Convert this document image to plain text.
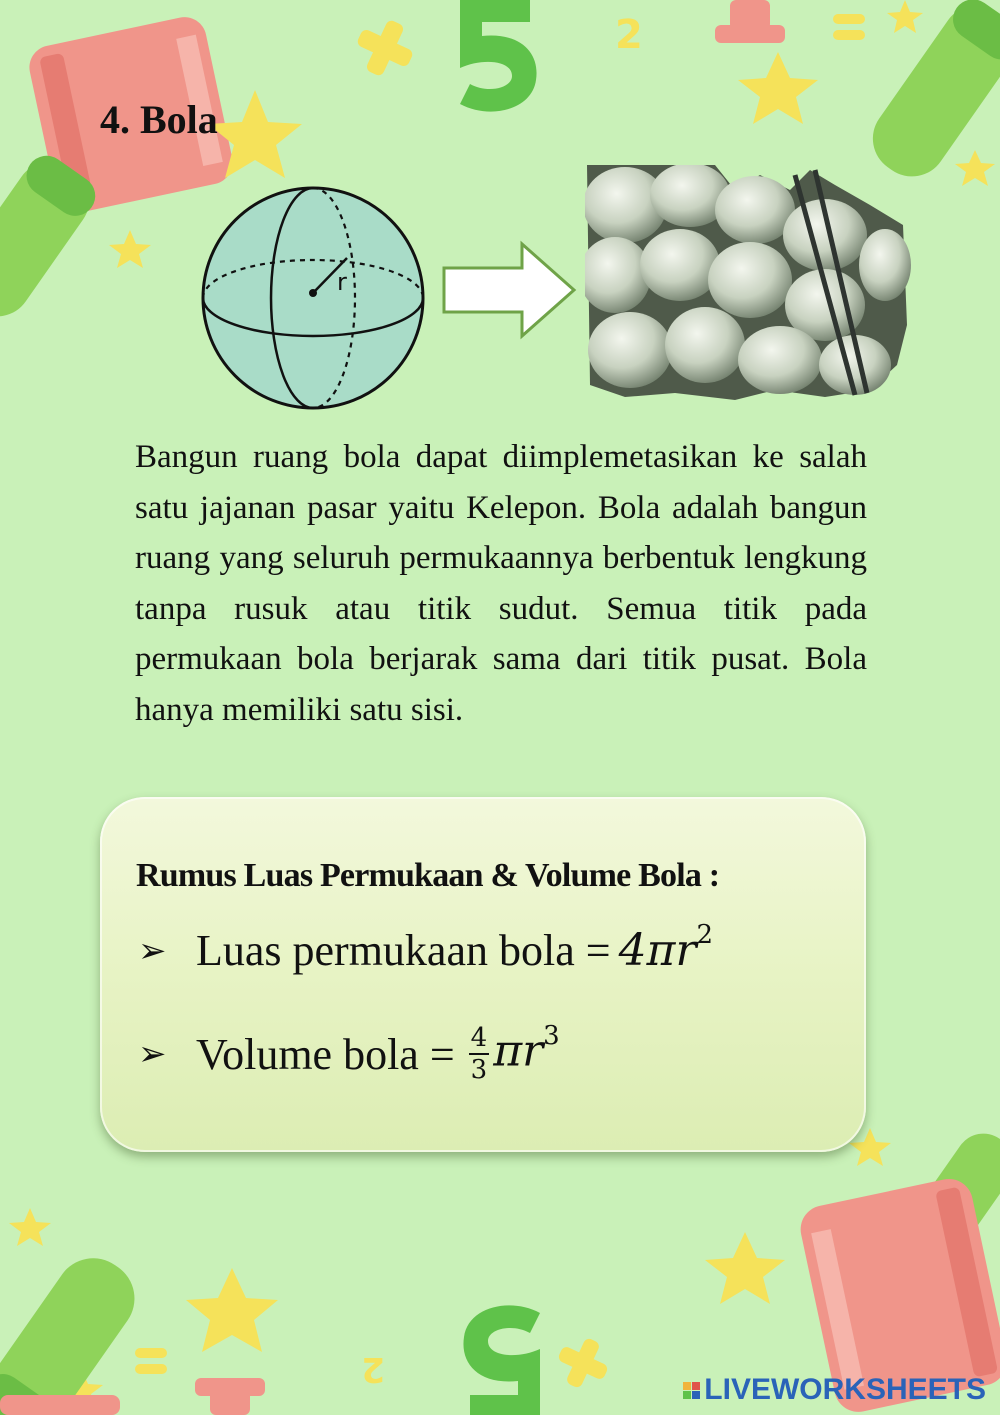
2
2
4. Bola
r

Bangun ruang bola dapat diimplemetasikan ke salah satu jajanan pasar yaitu Kelepon. Bola adalah bangun ruang yang seluruh permukaannya berbentuk lengkung tanpa rusuk atau titik sudut. Semua titik pada permukaan bola berjarak sama dari titik pusat. Bola hanya memiliki satu sisi.

Rumus Luas Permukaan & Volume Bola :
➢ Luas permukaan bola = $4\pi r^2$
➢ Volume bola = $\frac{4}{3} \pi r^3$
LIVEWORKSHEETS
